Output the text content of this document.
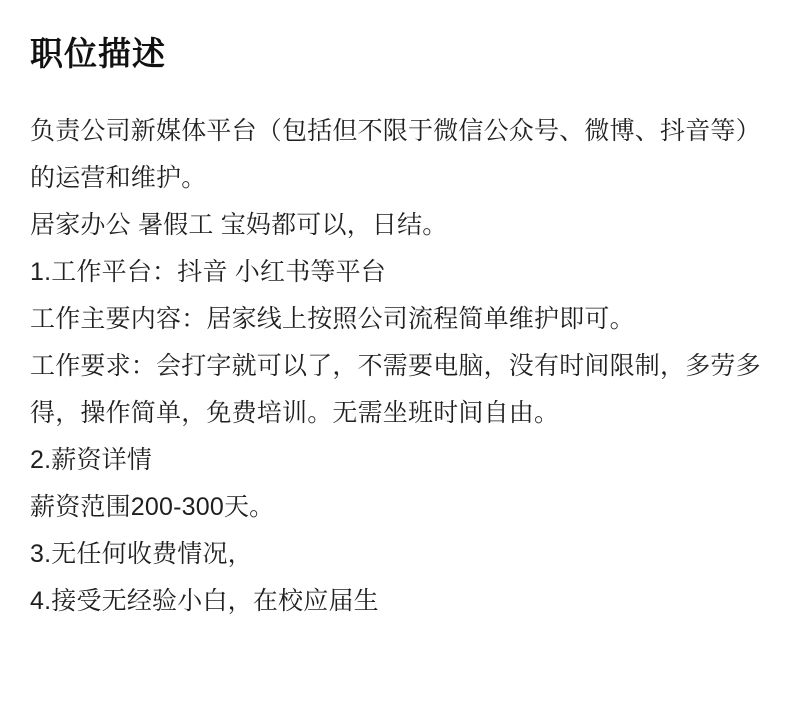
职位描述

负责公司新媒体平台（包括但不限于微信公众号、微博、抖音等）的运营和维护。

居家办公 暑假工 宝妈都可以，日结。

1.工作平台：抖音 小红书等平台

工作主要内容：居家线上按照公司流程简单维护即可。

工作要求：会打字就可以了，不需要电脑，没有时间限制，多劳多得，操作简单，免费培训。无需坐班时间自由。

2.薪资详情

薪资范围200-300天。

3.无任何收费情况，

4.接受无经验小白，在校应届生
